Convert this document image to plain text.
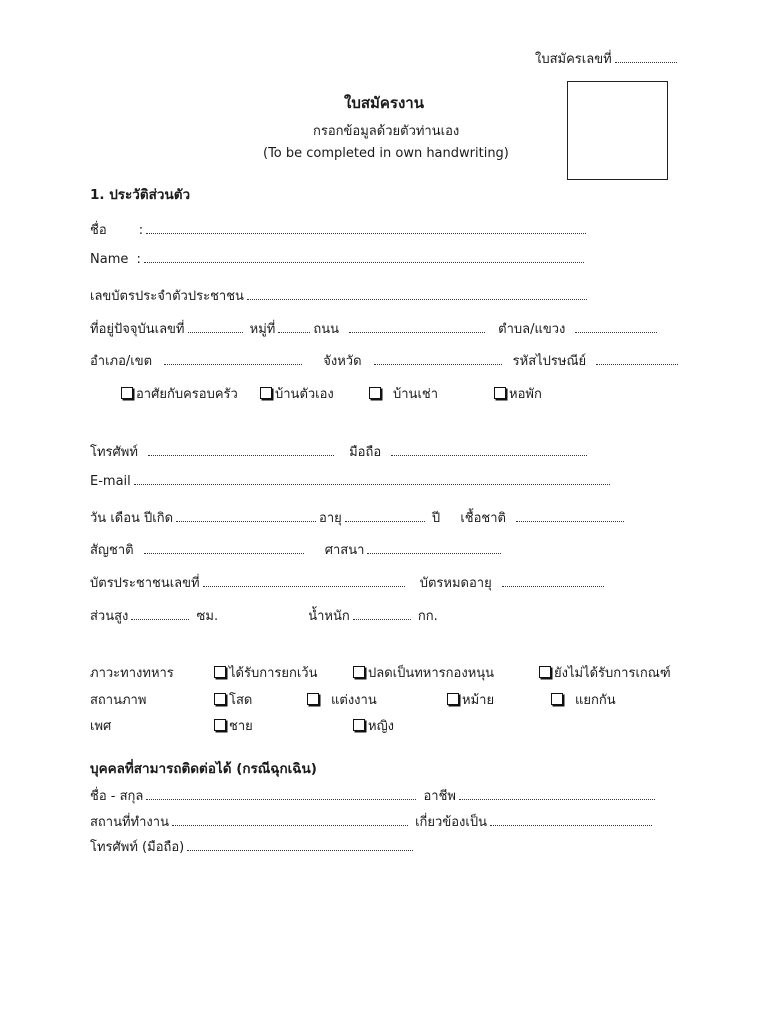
ใบสมัครเลขที่
ใบสมัครงาน
กรอกข้อมูลด้วยตัวท่านเอง
(To be completed in own handwriting)
1. ประวัติส่วนตัว
ชื่อ :
Name :
เลขบัตรประจำตัวประชาชน
ที่อยู่ปัจจุบันเลขที่	หมู่ที่	ถนน	ตำบล/แขวง
อำเภอ/เขต	จังหวัด	รหัสไปรษณีย์
อาศัยกับครอบครัว	บ้านตัวเอง	บ้านเช่า	หอพัก
โทรศัพท์	มือถือ
E-mail
วัน เดือน ปีเกิด	อายุ	ปี เชื้อชาติ
สัญชาติ	ศาสนา
บัตรประชาชนเลขที่	บัตรหมดอายุ
ส่วนสูง	ซม.	น้ำหนัก	กก.
ภาวะทางทหาร	ได้รับการยกเว้น	ปลดเป็นทหารกองหนุน	ยังไม่ได้รับการเกณฑ์
สถานภาพ	โสด	แต่งงาน	หม้าย	แยกกัน
เพศ	ชาย	หญิง
บุคคลที่สามารถติดต่อได้ (กรณีฉุกเฉิน)
ชื่อ - สกุล	อาชีพ
สถานที่ทำงาน	เกี่ยวข้องเป็น
โทรศัพท์ (มือถือ)
